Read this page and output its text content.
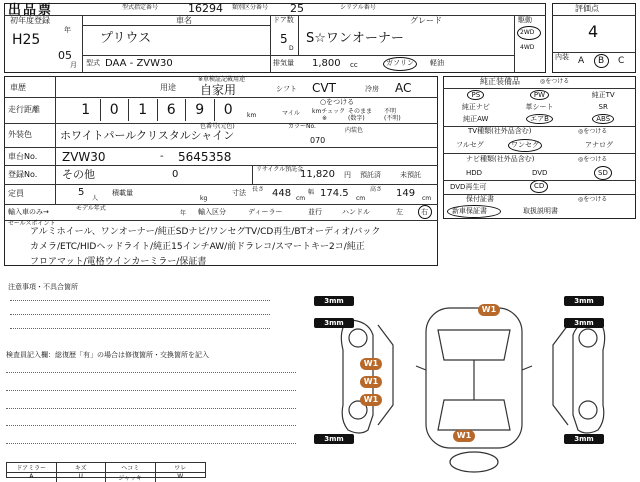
出品票	型式指定番号	16294 類別区分番号 25	シリアル番号	評価点
4
内装 A B C
初年度登録
H25
年
05
月
車名
プリウス
ドア数
5
D
グレード
S☆ワンオーナー
駆動
2WD
4WD
型式 DAA - ZVW30	排気量 1,800 cc	ガソリン 軽油
車歴	用途
※車検証記載用途
自家用	シフト CVT	冷房 AC
走行距離	1	0	1	6	9	0	km
○をつける
マイル kmチェック そのまま 不明
※	(数字)	(不明)
外装色
色番号(元色)
ホワイトパールクリスタルシャイン	070
カラーNo.
内装色
車台No. ZVW30	- 5645358
登録No. その他	0	リサイクル預託金
11,820 円 預託済	未預託
定員	5
人
積載量
kg
寸法 長さ 448 cm
幅 174.5 cm
高さ 149 cm
輸入車のみ→	モデル年式
年 輸入区分	ディーラー	並行	ハンドル	左	右
セールスポイント
アルミホイール、ワンオーナー/純正SDナビ/ワンセグTV/CD再生/BTオーディオ/バック
カメラ/ETC/HIDヘッドライト/純正15インチAW/前ドラレコ/スマートキー2コ/純正
フロアマット/電格ウインカーミラー/保証書
純正装備品	◎をつける
PS	PW	純正TV
純正ナビ	革シート	SR
純正AW	エアB	ABS
TV種類(社外品含む)	◎をつける
フルセグ	ワンセグ	アナログ
ナビ種類(社外品含む)	◎をつける
HDD	DVD	SD
DVD再生可	CD
保付証書	◎をつける
新車保証書	取扱説明書
注意事項・不具合箇所
検査員記入欄：総復歴「有」の場合は修復箇所・交換箇所を記入
ドアミラー	キズ	ヘコミ	ワレ
A	U	ジャッキ	W
3mm	3mm
3mm	3mm
3mm	3mm
W1
W1
W1
W1
W1
